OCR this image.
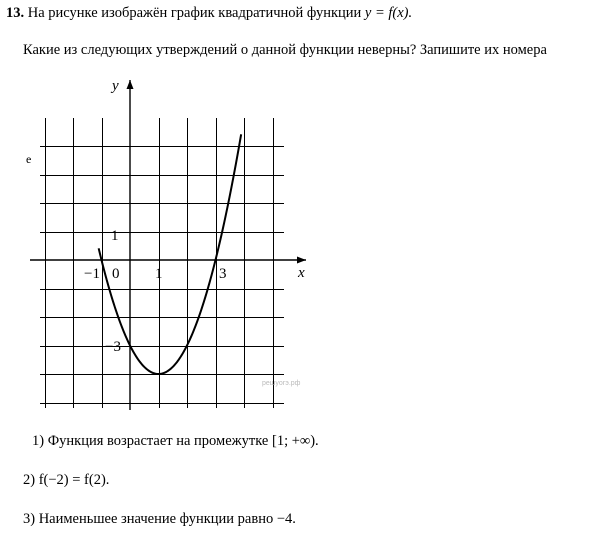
13. На рисунке изображён график квадратичной функции y = f(x).
Какие из следующих утверждений о данной функции неверны? Запишите их номера
е
y
x
1
−1 0 1	3
−3
решуогэ.рф
1) Функция возрастает на промежутке [1; +∞).
2) f(−2) = f(2).
3) Наименьшее значение функции равно −4.
